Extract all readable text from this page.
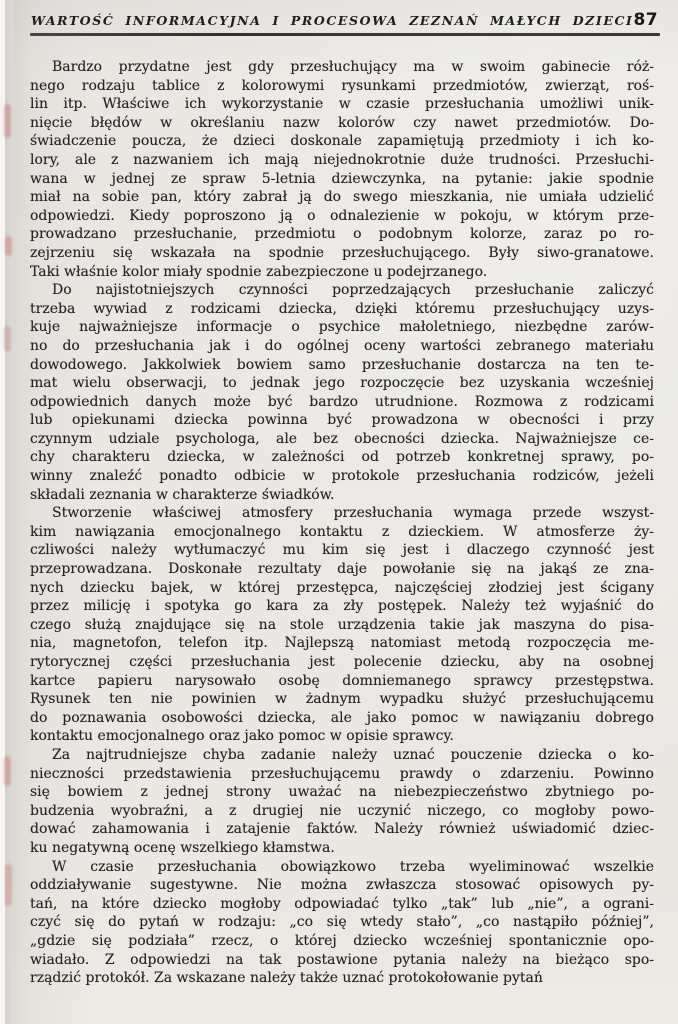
WARTOŚĆ INFORMACYJNA I PROCESOWA ZEZNAŃ MAŁYCH DZIECI 87

Bardzo przydatne jest gdy przesłuchujący ma w swoim gabinecie róż-
nego rodzaju tablice z kolorowymi rysunkami przedmiotów, zwierząt, roś-
lin itp. Właściwe ich wykorzystanie w czasie przesłuchania umożliwi unik-
nięcie błędów w określaniu nazw kolorów czy nawet przedmiotów. Do-
świadczenie poucza, że dzieci doskonale zapamiętują przedmioty i ich ko-
lory, ale z nazwaniem ich mają niejednokrotnie duże trudności. Przesłuchi-
wana w jednej ze spraw 5-letnia dziewczynka, na pytanie: jakie spodnie
miał na sobie pan, który zabrał ją do swego mieszkania, nie umiała udzielić
odpowiedzi. Kiedy poproszono ją o odnalezienie w pokoju, w którym prze-
prowadzano przesłuchanie, przedmiotu o podobnym kolorze, zaraz po ro-
zejrzeniu się wskazała na spodnie przesłuchującego. Były siwo-granatowe.
Taki właśnie kolor miały spodnie zabezpieczone u podejrzanego.

Do najistotniejszych czynności poprzedzających przesłuchanie zaliczyć
trzeba wywiad z rodzicami dziecka, dzięki któremu przesłuchujący uzys-
kuje najważniejsze informacje o psychice małoletniego, niezbędne zarów-
no do przesłuchania jak i do ogólnej oceny wartości zebranego materiału
dowodowego. Jakkolwiek bowiem samo przesłuchanie dostarcza na ten te-
mat wielu obserwacji, to jednak jego rozpoczęcie bez uzyskania wcześniej
odpowiednich danych może być bardzo utrudnione. Rozmowa z rodzicami
lub opiekunami dziecka powinna być prowadzona w obecności i przy
czynnym udziale psychologa, ale bez obecności dziecka. Najważniejsze ce-
chy charakteru dziecka, w zależności od potrzeb konkretnej sprawy, po-
winny znaleźć ponadto odbicie w protokole przesłuchania rodziców, jeżeli
składali zeznania w charakterze świadków.

Stworzenie właściwej atmosfery przesłuchania wymaga przede wszyst-
kim nawiązania emocjonalnego kontaktu z dzieckiem. W atmosferze ży-
czliwości należy wytłumaczyć mu kim się jest i dlaczego czynność jest
przeprowadzana. Doskonałe rezultaty daje powołanie się na jakąś ze zna-
nych dziecku bajek, w której przestępca, najczęściej złodziej jest ścigany
przez milicję i spotyka go kara za zły postępek. Należy też wyjaśnić do
czego służą znajdujące się na stole urządzenia takie jak maszyna do pisa-
nia, magnetofon, telefon itp. Najlepszą natomiast metodą rozpoczęcia me-
rytorycznej części przesłuchania jest polecenie dziecku, aby na osobnej
kartce papieru narysowało osobę domniemanego sprawcy przestępstwa.
Rysunek ten nie powinien w żadnym wypadku służyć przesłuchującemu
do poznawania osobowości dziecka, ale jako pomoc w nawiązaniu dobrego
kontaktu emocjonalnego oraz jako pomoc w opisie sprawcy.

Za najtrudniejsze chyba zadanie należy uznać pouczenie dziecka o ko-
nieczności przedstawienia przesłuchującemu prawdy o zdarzeniu. Powinno
się bowiem z jednej strony uważać na niebezpieczeństwo zbytniego po-
budzenia wyobraźni, a z drugiej nie uczynić niczego, co mogłoby powo-
dować zahamowania i zatajenie faktów. Należy również uświadomić dziec-
ku negatywną ocenę wszelkiego kłamstwa.

W czasie przesłuchania obowiązkowo trzeba wyeliminować wszelkie
oddziaływanie sugestywne. Nie można zwłaszcza stosować opisowych py-
tań, na które dziecko mogłoby odpowiadać tylko „tak” lub „nie”, a ograni-
czyć się do pytań w rodzaju: „co się wtedy stało”, „co nastąpiło później”,
„gdzie się podziała” rzecz, o której dziecko wcześniej spontanicznie opo-
wiadało. Z odpowiedzi na tak postawione pytania należy na bieżąco spo-
rządzić protokół. Za wskazane należy także uznać protokołowanie pytań
